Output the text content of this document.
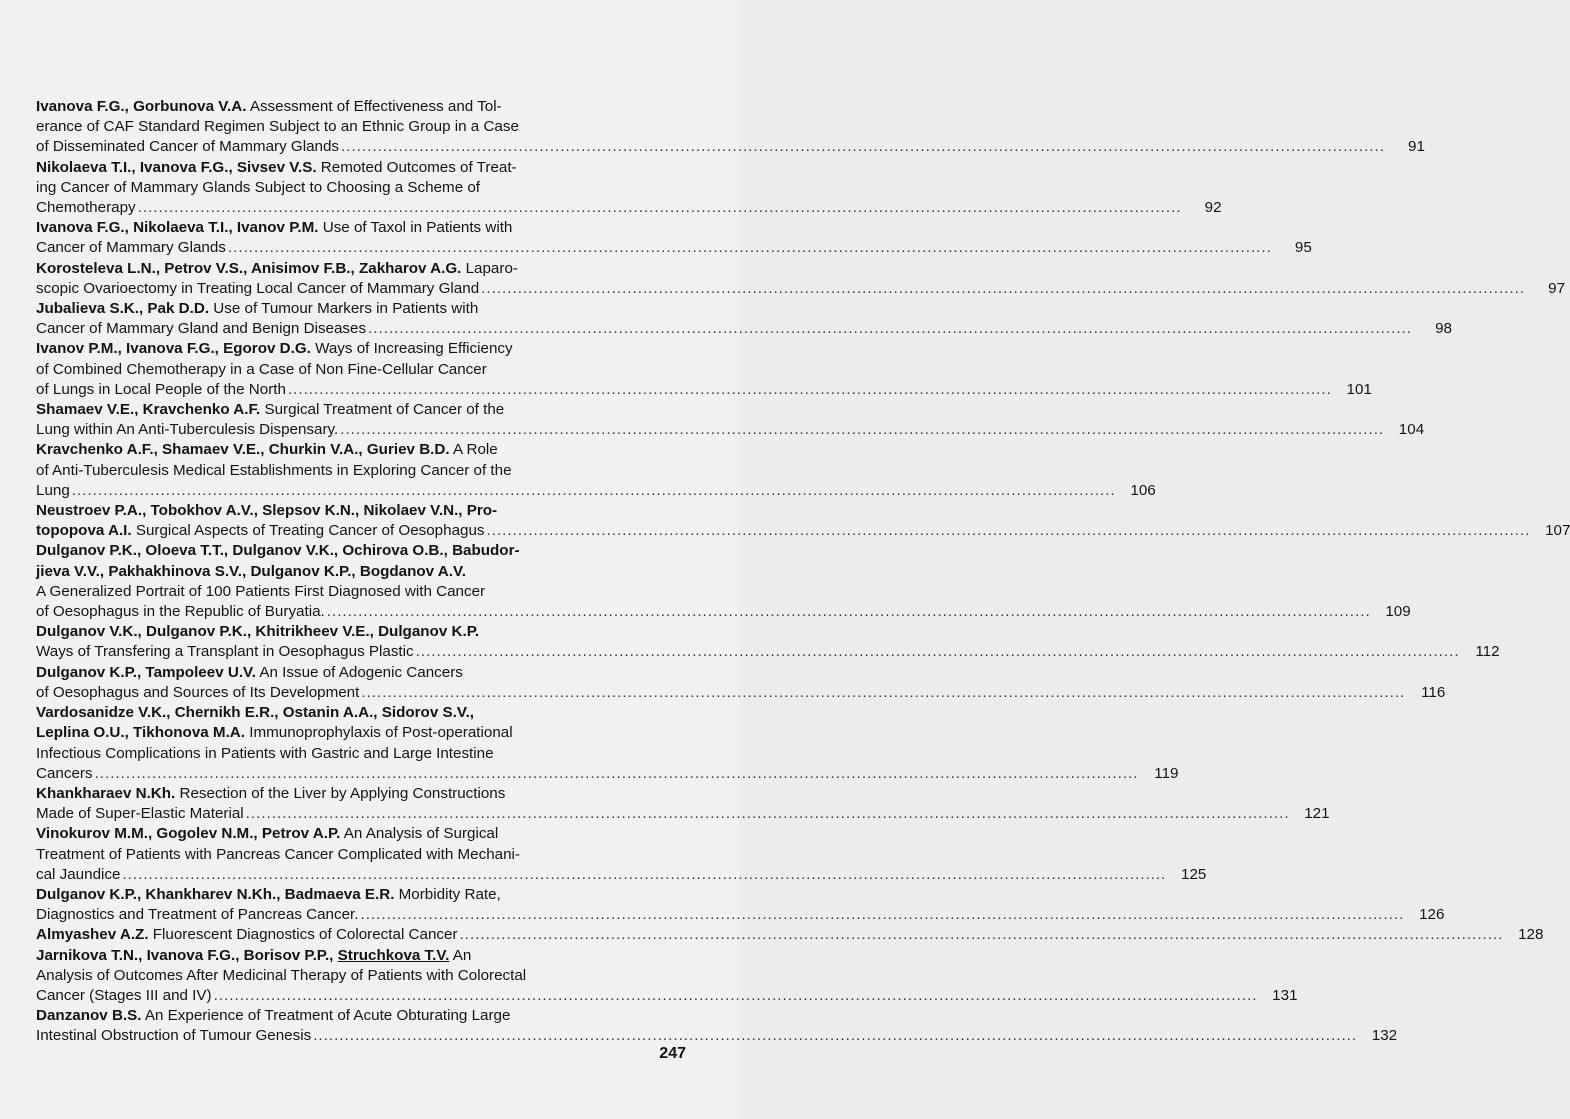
Ivanova F.G., Gorbunova V.A. Assessment of Effectiveness and Tol-
erance of CAF Standard Regimen Subject to an Ethnic Group in a Case
of Disseminated Cancer of Mammary Glands .....	91
Nikolaeva T.I., Ivanova F.G., Sivsev V.S. Remoted Outcomes of Treat-
ing Cancer of Mammary Glands Subject to Choosing a Scheme of
Chemotherapy .....	92
Ivanova F.G., Nikolaeva T.I., Ivanov P.M. Use of Taxol in Patients with
Cancer of Mammary Glands .....	95
Korosteleva L.N., Petrov V.S., Anisimov F.B., Zakharov A.G. Laparo-
scopic Ovarioectomy in Treating Local Cancer of Mammary Gland .....	97
Jubalieva S.K., Pak D.D. Use of Tumour Markers in Patients with
Cancer of Mammary Gland and Benign Diseases .....	98
Ivanov P.M., Ivanova F.G., Egorov D.G. Ways of Increasing Efficiency
of Combined Chemotherapy in a Case of Non Fine-Cellular Cancer
of Lungs in Local People of the North .....	101
Shamaev V.E., Kravchenko A.F. Surgical Treatment of Cancer of the
Lung within An Anti-Tuberculesis Dispensary. .....	104
Kravchenko A.F., Shamaev V.E., Churkin V.A., Guriev B.D. A Role
of Anti-Tuberculesis Medical Establishments in Exploring Cancer of the
Lung .....	106
Neustroev P.A., Tobokhov A.V., Slepsov K.N., Nikolaev V.N., Pro-
topopova A.I. Surgical Aspects of Treating Cancer of Oesophagus .....	107
Dulganov P.K., Oloeva T.T., Dulganov V.K., Ochirova O.B., Babudor-
jieva V.V., Pakhakhinova S.V., Dulganov K.P., Bogdanov A.V.
A Generalized Portrait of 100 Patients First Diagnosed with Cancer
of Oesophagus in the Republic of Buryatia. .....	109
Dulganov V.K., Dulganov P.K., Khitrikheev V.E., Dulganov K.P.
Ways of Transfering a Transplant in Oesophagus Plastic .....	112
Dulganov K.P., Tampoleev U.V. An Issue of Adogenic Cancers
of Oesophagus and Sources of Its Development .....	116
Vardosanidze V.K., Chernikh E.R., Ostanin A.A., Sidorov S.V.,
Leplina O.U., Tikhonova M.A. Immunoprophylaxis of Post-operational
Infectious Complications in Patients with Gastric and Large Intestine
Cancers .....	119
Khankharaev N.Kh. Resection of the Liver by Applying Constructions
Made of Super-Elastic Material .....	121
Vinokurov M.M., Gogolev N.M., Petrov A.P. An Analysis of Surgical
Treatment of Patients with Pancreas Cancer Complicated with Mechani-
cal Jaundice .....	125
Dulganov K.P., Khankharev N.Kh., Badmaeva E.R. Morbidity Rate,
Diagnostics and Treatment of Pancreas Cancer. .....	126
Almyashev A.Z. Fluorescent Diagnostics of Colorectal Cancer .....	128
Jarnikova T.N., Ivanova F.G., Borisov P.P., Struchkova T.V. An
Analysis of Outcomes After Medicinal Therapy of Patients with Colorectal
Cancer (Stages III and IV) .....	131
Danzanov B.S. An Experience of Treatment of Acute Obturating Large
Intestinal Obstruction of Tumour Genesis .....	132
247
